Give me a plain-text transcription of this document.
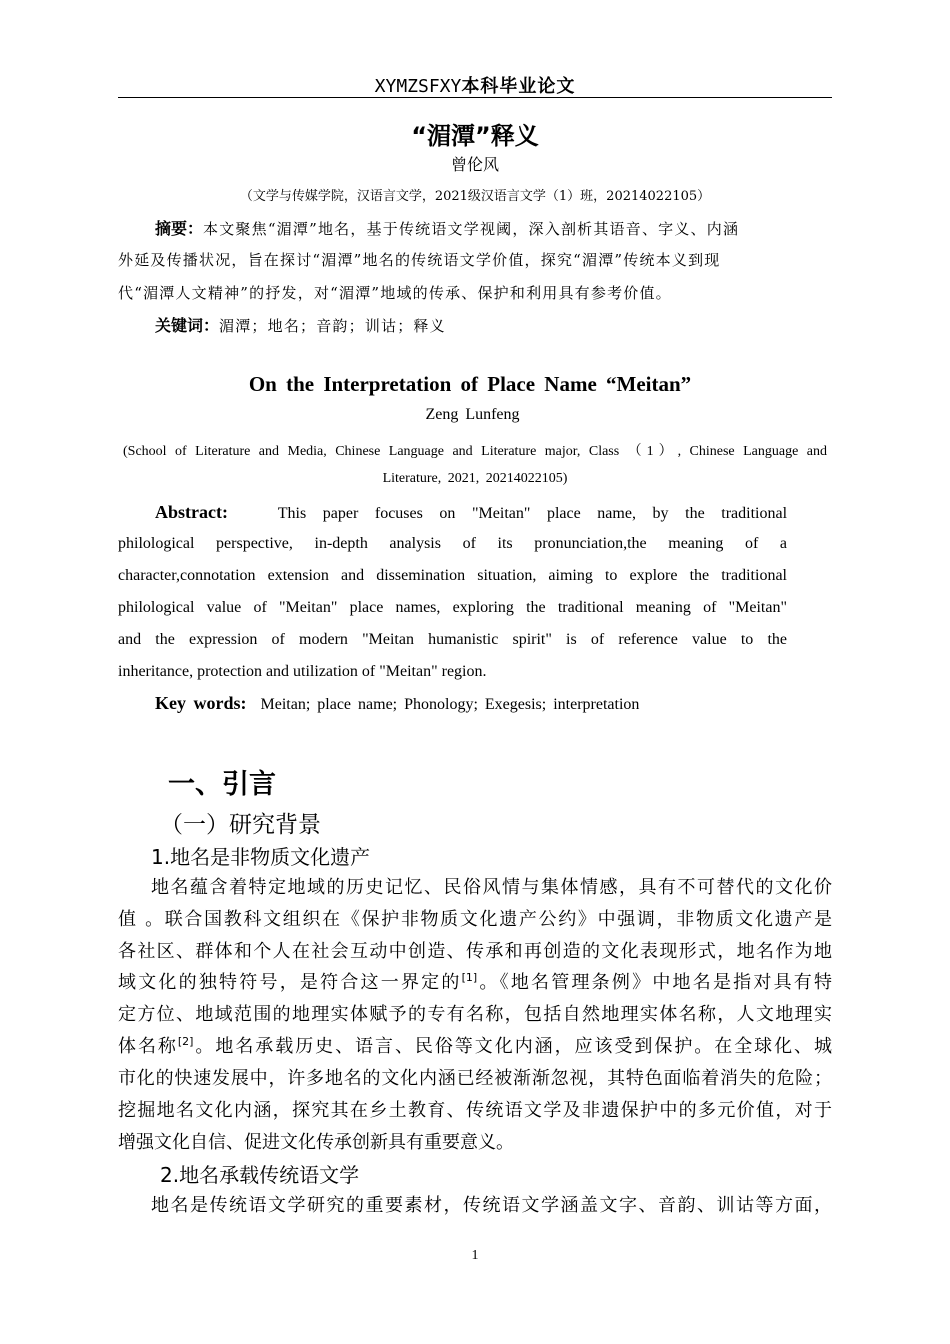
XYMZSFXY本科毕业论文
“湄潭”释义
曾伦风
（文学与传媒学院，汉语言文学，2021级汉语言文学（1）班，20214022105）
摘要：本文聚焦“湄潭”地名，基于传统语文学视阈，深入剖析其语音、字义、内涵
外延及传播状况，旨在探讨“湄潭”地名的传统语文学价值，探究“湄潭”传统本义到现
代“湄潭人文精神”的抒发，对“湄潭”地域的传承、保护和利用具有参考价值。
关键词：湄潭；地名；音韵；训诂；释义
On the Interpretation of Place Name “Meitan”
Zeng Lunfeng
(School of Literature and Media, Chinese Language and Literature major, Class （1）, Chinese Language and
Literature, 2021, 20214022105)
Abstract:	This paper focuses on "Meitan" place name, by the traditional
philological perspective, in-depth analysis of its pronunciation,the meaning of a
character,connotation extension and dissemination situation, aiming to explore the traditional
philological value of "Meitan" place names, exploring the traditional meaning of "Meitan"
and the expression of modern "Meitan humanistic spirit" is of reference value to the
inheritance, protection and utilization of "Meitan" region.
Key words: Meitan; place name; Phonology; Exegesis; interpretation
一、引言
（一）研究背景
1.地名是非物质文化遗产
地名蕴含着特定地域的历史记忆、民俗风情与集体情感，具有不可替代的文化价
值 。联合国教科文组织在《保护非物质文化遗产公约》中强调，非物质文化遗产是
各社区、群体和个人在社会互动中创造、传承和再创造的文化表现形式，地名作为地
域文化的独特符号，是符合这一界定的[1]。《地名管理条例》中地名是指对具有特
定方位、地域范围的地理实体赋予的专有名称，包括自然地理实体名称，人文地理实
体名称[2]。地名承载历史、语言、民俗等文化内涵，应该受到保护。在全球化、城
市化的快速发展中，许多地名的文化内涵已经被渐渐忽视，其特色面临着消失的危险；
挖掘地名文化内涵，探究其在乡土教育、传统语文学及非遗保护中的多元价值，对于
增强文化自信、促进文化传承创新具有重要意义。
2.地名承载传统语文学
地名是传统语文学研究的重要素材，传统语文学涵盖文字、音韵、训诂等方面，
1
